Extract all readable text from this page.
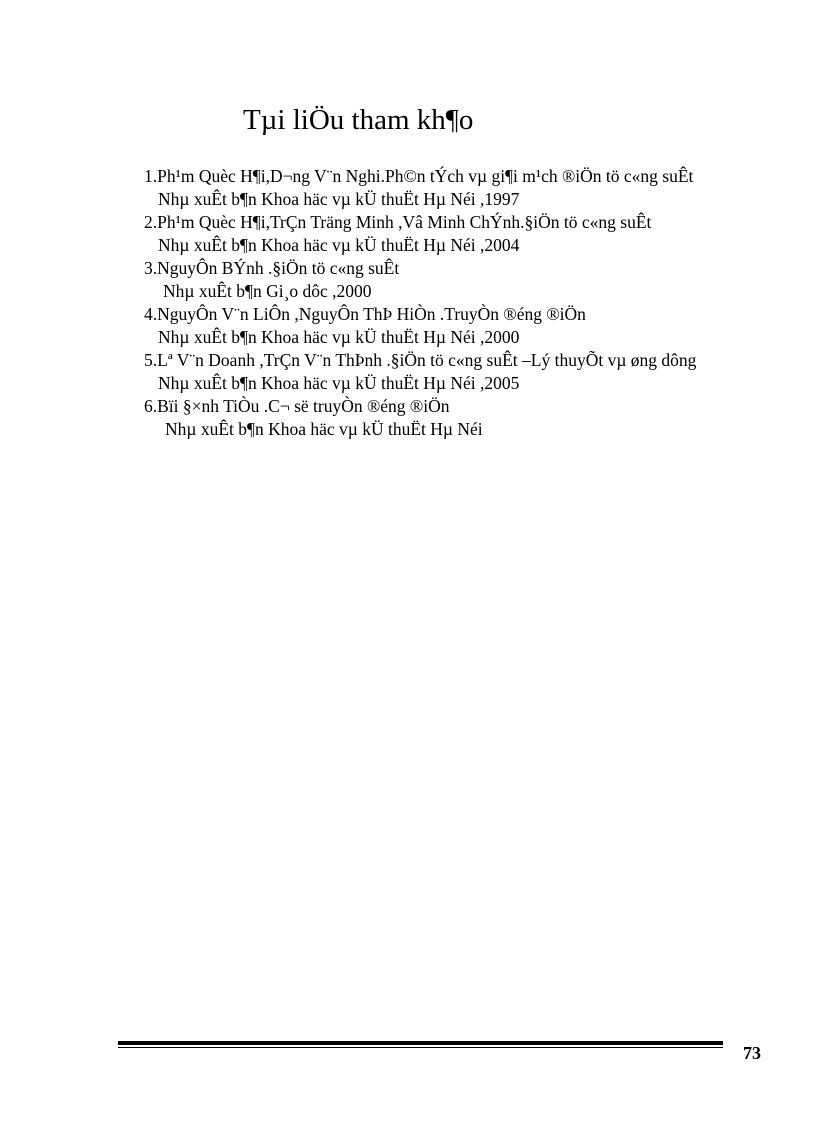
Tµi liÖu tham kh¶o
1.Ph¹m Quèc H¶i,D¬ng V¨n Nghi.Ph©n tÝch vµ gi¶i m¹ch ®iÖn tö c«ng suÊt
Nhµ xuÊt b¶n Khoa häc vµ kÜ thuËt Hµ Néi ,1997
2.Ph¹m Quèc H¶i,TrÇn Träng Minh ,Vâ Minh ChÝnh.§iÖn tö c«ng suÊt
Nhµ xuÊt b¶n Khoa häc vµ kÜ thuËt Hµ Néi ,2004
3.NguyÔn BÝnh .§iÖn tö c«ng suÊt
Nhµ xuÊt b¶n Gi¸o dôc ,2000
4.NguyÔn V¨n LiÔn ,NguyÔn ThÞ HiÒn .TruyÒn ®éng ®iÖn
Nhµ xuÊt b¶n Khoa häc vµ kÜ thuËt Hµ Néi ,2000
5.Lª V¨n Doanh ,TrÇn V¨n ThÞnh .§iÖn tö c«ng suÊt –Lý thuyÕt vµ øng dông
Nhµ xuÊt b¶n Khoa häc vµ kÜ thuËt Hµ Néi ,2005
6.Bïi §×nh TiÒu .C¬ së truyÒn ®éng ®iÖn
Nhµ xuÊt b¶n Khoa häc vµ kÜ thuËt Hµ Néi
73
